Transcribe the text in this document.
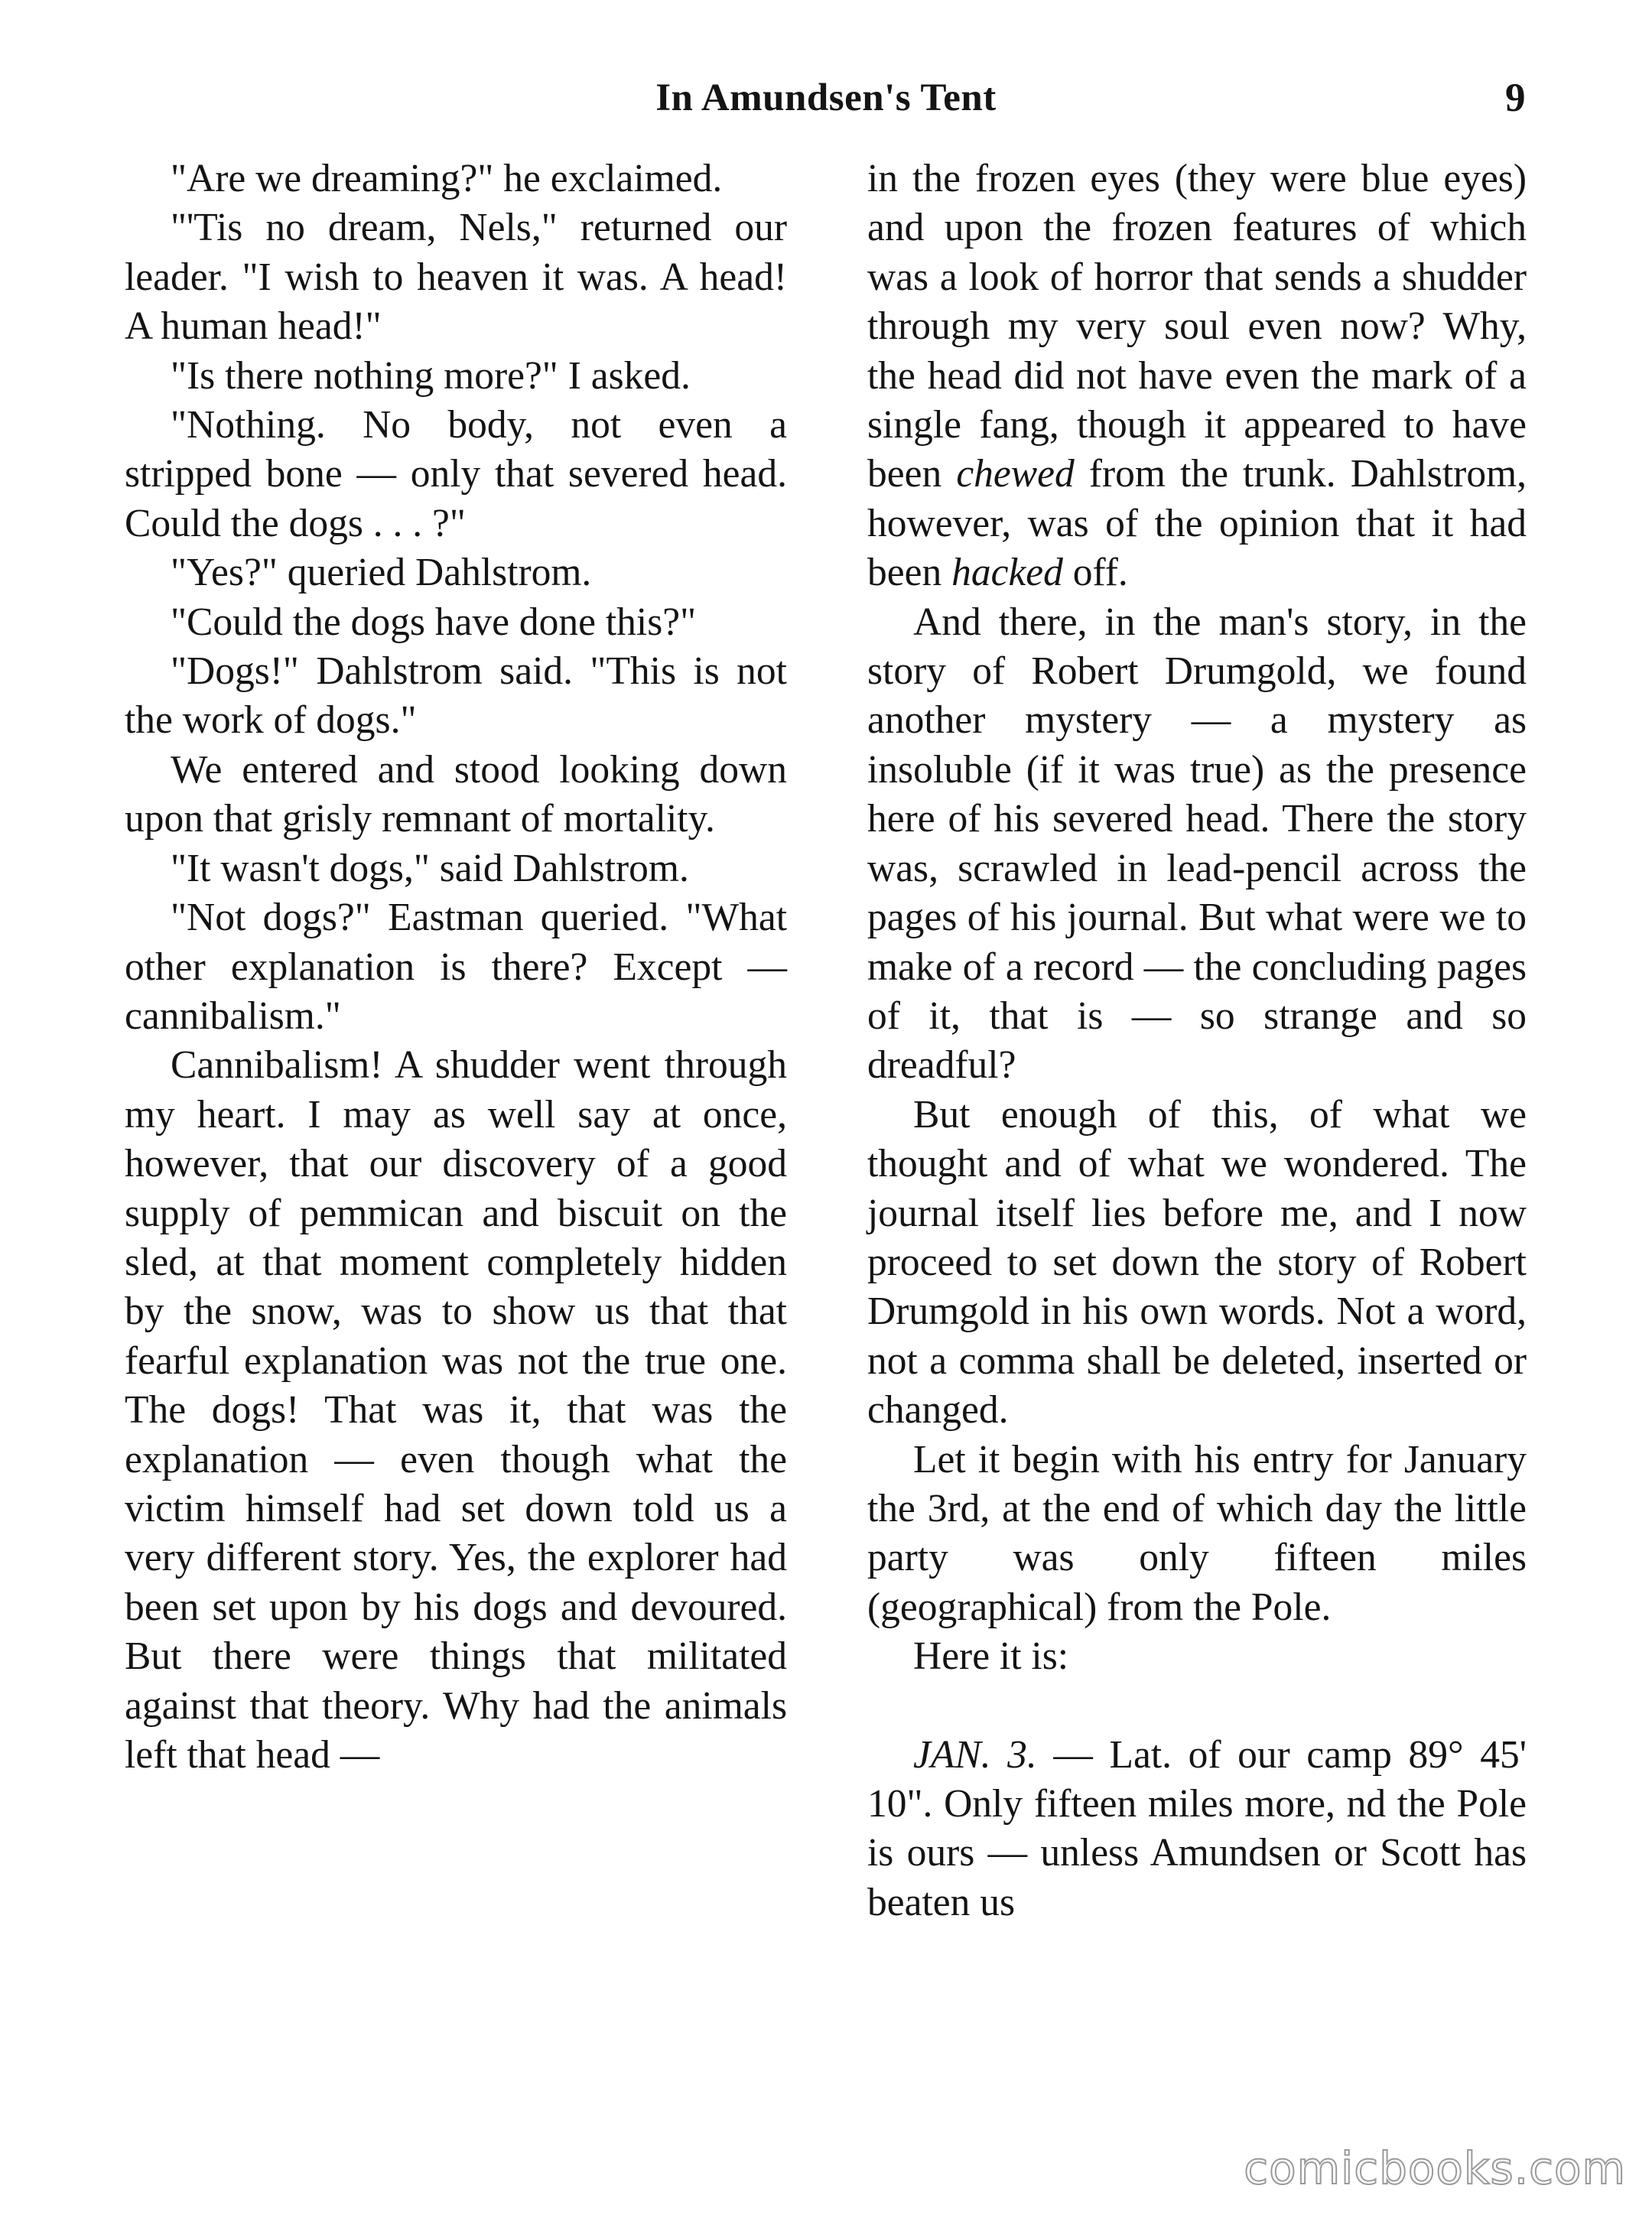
In Amundsen's Tent	9

"Are we dreaming?" he exclaimed.

"'Tis no dream, Nels," returned our leader. "I wish to heaven it was. A head! A human head!"

"Is there nothing more?" I asked.

"Nothing. No body, not even a stripped bone — only that severed head. Could the dogs . . . ?"

"Yes?" queried Dahlstrom.

"Could the dogs have done this?"

"Dogs!" Dahlstrom said. "This is not the work of dogs."

We entered and stood looking down upon that grisly remnant of mortality.

"It wasn't dogs," said Dahlstrom.

"Not dogs?" Eastman queried. "What other explanation is there? Except — cannibalism."

Cannibalism! A shudder went through my heart. I may as well say at once, however, that our discovery of a good supply of pemmican and biscuit on the sled, at that moment completely hidden by the snow, was to show us that that fearful explanation was not the true one. The dogs! That was it, that was the explanation — even though what the victim himself had set down told us a very different story. Yes, the explorer had been set upon by his dogs and devoured. But there were things that militated against that theory. Why had the animals left that head —

in the frozen eyes (they were blue eyes) and upon the frozen features of which was a look of horror that sends a shudder through my very soul even now? Why, the head did not have even the mark of a single fang, though it appeared to have been chewed from the trunk. Dahlstrom, however, was of the opinion that it had been hacked off.

And there, in the man's story, in the story of Robert Drumgold, we found another mystery — a mystery as insoluble (if it was true) as the presence here of his severed head. There the story was, scrawled in lead-pencil across the pages of his journal. But what were we to make of a record — the concluding pages of it, that is — so strange and so dreadful?

But enough of this, of what we thought and of what we wondered. The journal itself lies before me, and I now proceed to set down the story of Robert Drumgold in his own words. Not a word, not a comma shall be deleted, inserted or changed.

Let it begin with his entry for January the 3rd, at the end of which day the little party was only fifteen miles (geographical) from the Pole.

Here it is:

JAN. 3. — Lat. of our camp 89° 45' 10". Only fifteen miles more, nd the Pole is ours — unless Amundsen or Scott has beaten us

comicbooks.com
